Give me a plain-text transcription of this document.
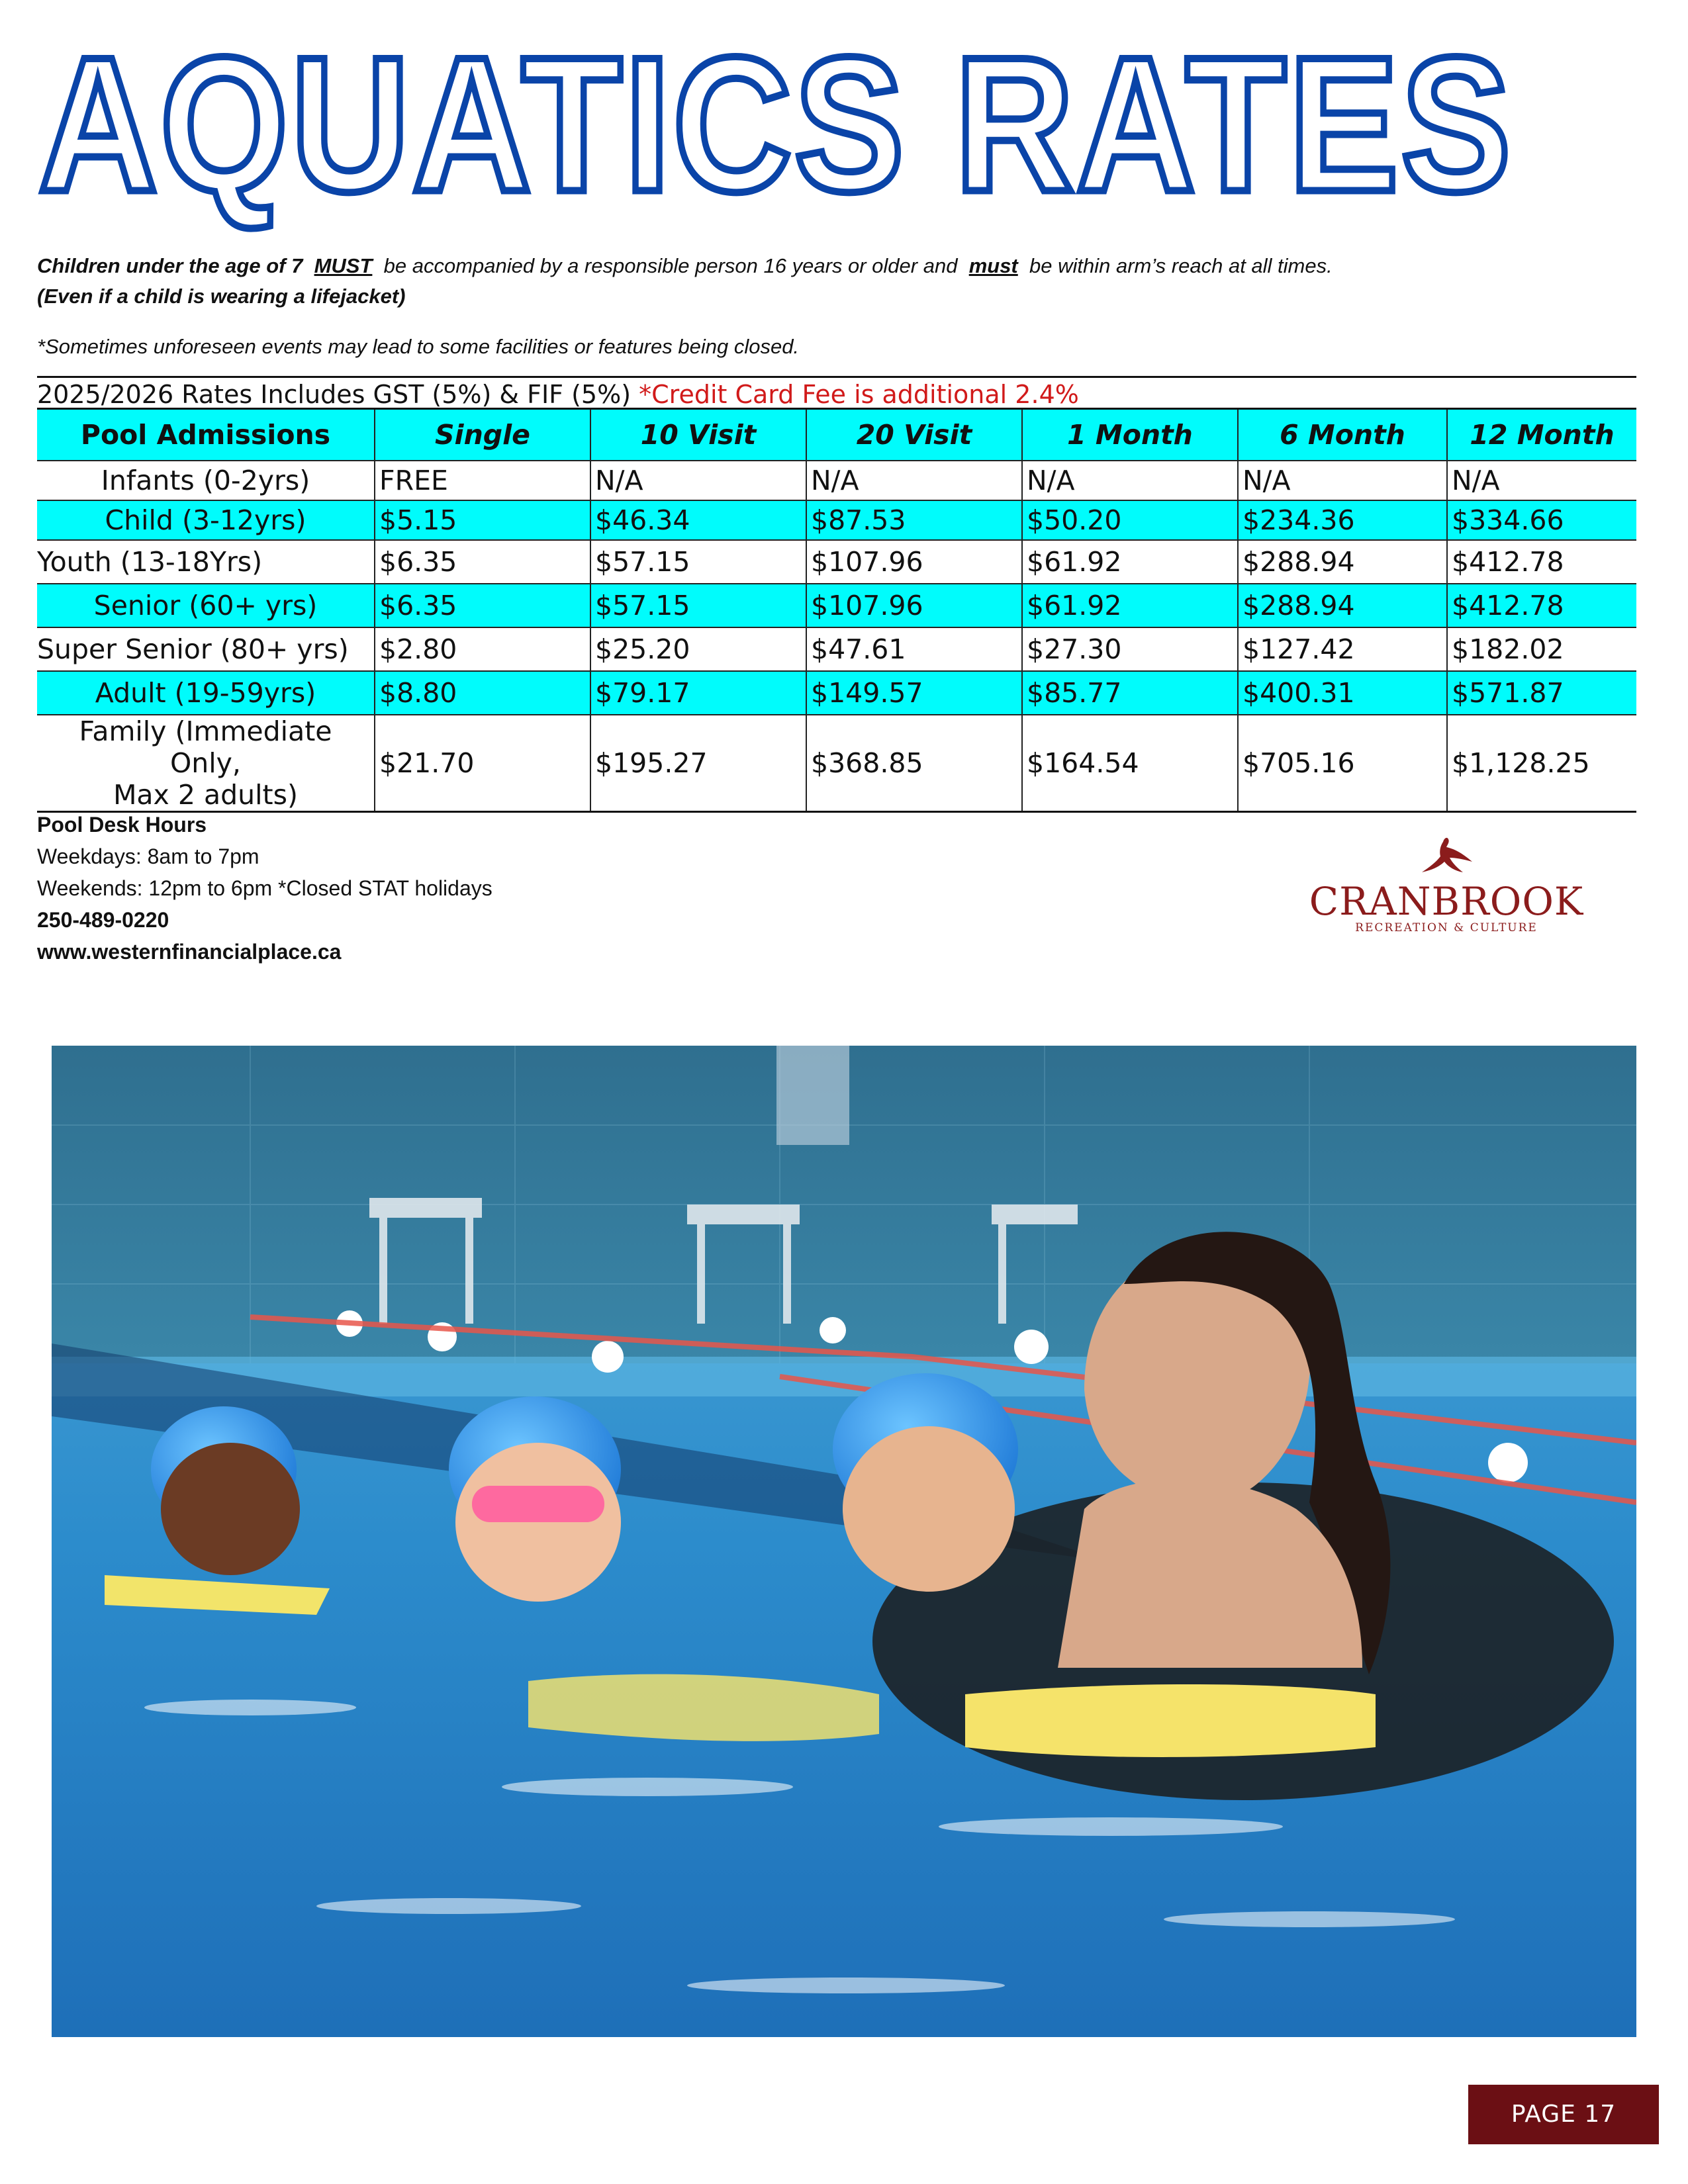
AQUATICS RATES
Children under the age of 7 MUST be accompanied by a responsible person 16 years or older and must be within arm’s reach at all times.
(Even if a child is wearing a lifejacket)
*Sometimes unforeseen events may lead to some facilities or features being closed.
2025/2026 Rates Includes GST (5%) & FIF (5%) *Credit Card Fee is additional 2.4%
Pool Admissions	Single	10 Visit	20 Visit	1 Month	6 Month	12 Month
Infants (0-2yrs)	FREE	N/A	N/A	N/A	N/A	N/A
Child (3-12yrs)	$5.15	$46.34	$87.53	$50.20	$234.36	$334.66
Youth (13-18Yrs)	$6.35	$57.15	$107.96	$61.92	$288.94	$412.78
Senior (60+ yrs)	$6.35	$57.15	$107.96	$61.92	$288.94	$412.78
Super Senior (80+ yrs)	$2.80	$25.20	$47.61	$27.30	$127.42	$182.02
Adult (19-59yrs)	$8.80	$79.17	$149.57	$85.77	$400.31	$571.87

Family (Immediate Only,
Max 2 adults)	$21.70	$195.27	$368.85	$164.54	$705.16	$1,128.25
Pool Desk Hours
Weekdays: 8am to 7pm
Weekends: 12pm to 6pm *Closed STAT holidays
250-489-0220
www.westernfinancialplace.ca
CRANBROOK
RECREATION & CULTURE
PAGE 17
